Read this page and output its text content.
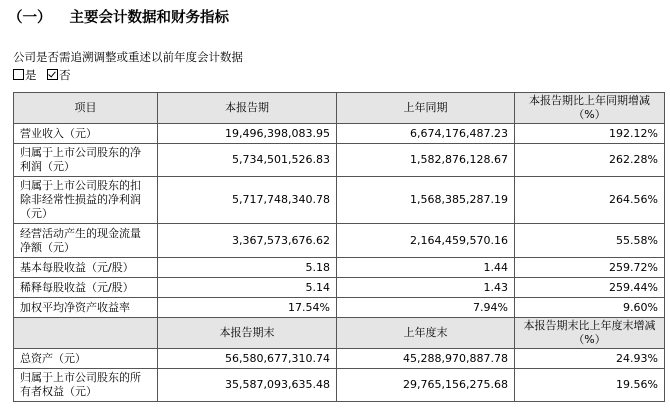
（一） 主要会计数据和财务指标
公司是否需追溯调整或重述以前年度会计数据
是 否
项目	本报告期	上年同期	本报告期比上年同期增减（%）
营业收入（元）	19,496,398,083.95	6,674,176,487.23	192.12%
归属于上市公司股东的净利润（元）	5,734,501,526.83	1,582,876,128.67	262.28%
归属于上市公司股东的扣除非经常性损益的净利润（元）	5,717,748,340.78	1,568,385,287.19	264.56%
经营活动产生的现金流量净额（元）	3,367,573,676.62	2,164,459,570.16	55.58%
基本每股收益（元/股）	5.18	1.44	259.72%
稀释每股收益（元/股）	5.14	1.43	259.44%
加权平均净资产收益率	17.54%	7.94%	9.60%
	本报告期末	上年度末	本报告期末比上年度末增减（%）
总资产（元）	56,580,677,310.74	45,288,970,887.78	24.93%
归属于上市公司股东的所有者权益（元）	35,587,093,635.48	29,765,156,275.68	19.56%
